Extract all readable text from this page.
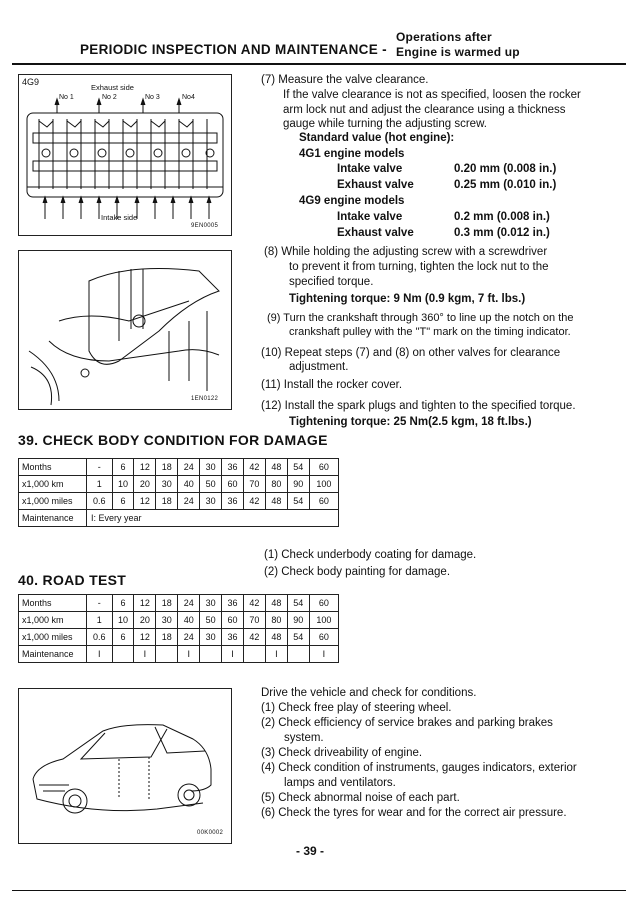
Operations after
PERIODIC INSPECTION AND MAINTENANCE - Engine is warmed up
4G9
Exhaust side
No 1	No 2	No 3	No4
Intake side
9EN0005
1EN0122
(7) Measure the valve clearance.
If the valve clearance is not as specified, loosen the rocker
arm lock nut and adjust the clearance using a thickness
gauge while turning the adjusting screw.
Standard value (hot engine):
4G1 engine models
Intake valve	0.20 mm (0.008 in.)
Exhaust valve	0.25 mm (0.010 in.)
4G9 engine models
Intake valve	0.2 mm (0.008 in.)
Exhaust valve	0.3 mm (0.012 in.)
(8) While holding the adjusting screw with a screwdriver
to prevent it from turning, tighten the lock nut to the
specified torque.
Tightening torque: 9 Nm (0.9 kgm, 7 ft. lbs.)
(9) Turn the crankshaft through 360° to line up the notch on the
crankshaft pulley with the "T" mark on the timing indicator.
(10) Repeat steps (7) and (8) on other valves for clearance
adjustment.
(11) Install the rocker cover.
(12) Install the spark plugs and tighten to the specified torque.
Tightening torque: 25 Nm(2.5 kgm, 18 ft.lbs.)
39. CHECK BODY CONDITION FOR DAMAGE
Months	-	6	12	18	24	30	36	42	48	54	60
x1,000 km	1	10	20	30	40	50	60	70	80	90	100
x1,000 miles	0.6	6	12	18	24	30	36	42	48	54	60
Maintenance	I: Every year										
(1) Check underbody coating for damage.
(2) Check body painting for damage.
40. ROAD TEST
Months	-	6	12	18	24	30	36	42	48	54	60
x1,000 km	1	10	20	30	40	50	60	70	80	90	100
x1,000 miles	0.6	6	12	18	24	30	36	42	48	54	60
Maintenance	I		I		I		I		I		I
00K0002
Drive the vehicle and check for conditions.
(1) Check free play of steering wheel.
(2) Check efficiency of service brakes and parking brakes
system.
(3) Check driveability of engine.
(4) Check condition of instruments, gauges indicators, exterior
lamps and ventilators.
(5) Check abnormal noise of each part.
(6) Check the tyres for wear and for the correct air pressure.
- 39 -
